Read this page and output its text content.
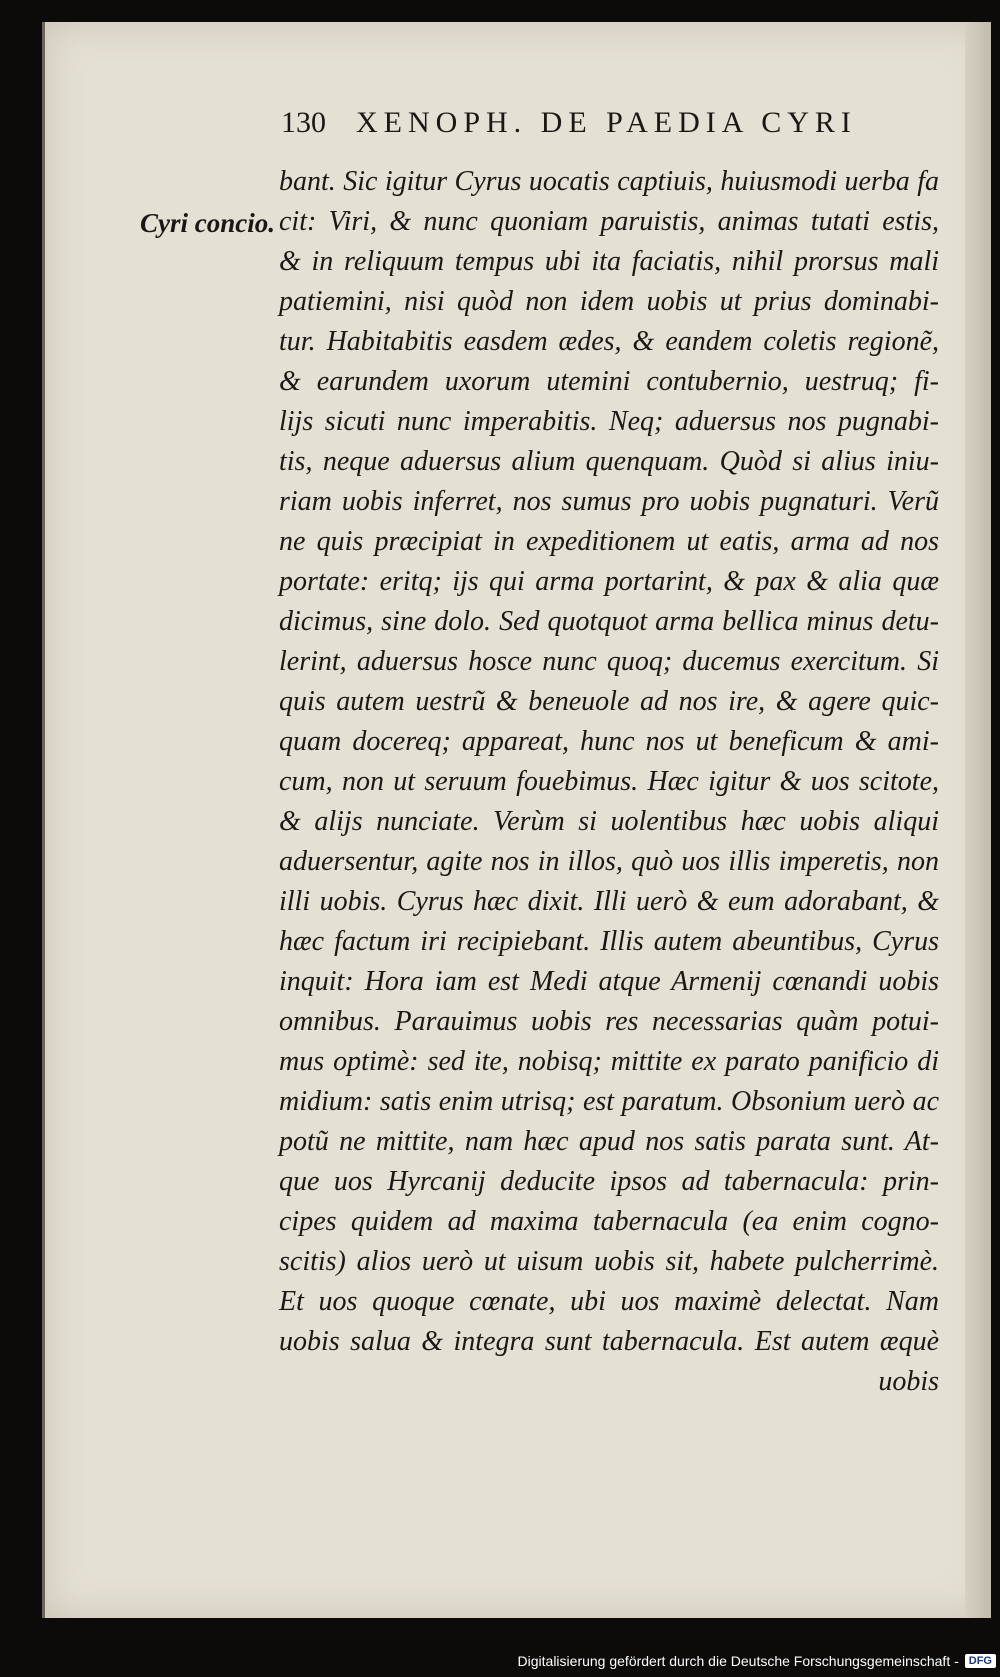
130 XENOPH. DE PAEDIA CYRI
Cyri concio.
bant. Sic igitur Cyrus uocatis captiuis, huiusmodi uerba fa
cit: Viri, & nunc quoniam paruistis, animas tutati estis,
& in reliquum tempus ubi ita faciatis, nihil prorsus mali
patiemini, nisi quòd non idem uobis ut prius dominabi-
tur. Habitabitis easdem ædes, & eandem coletis regionẽ,
& earundem uxorum utemini contubernio, uestruq; fi-
lijs sicuti nunc imperabitis. Neq; aduersus nos pugnabi-
tis, neque aduersus alium quenquam. Quòd si alius iniu-
riam uobis inferret, nos sumus pro uobis pugnaturi. Verũ
ne quis præcipiat in expeditionem ut eatis, arma ad nos
portate: eritq; ijs qui arma portarint, & pax & alia quæ
dicimus, sine dolo. Sed quotquot arma bellica minus detu-
lerint, aduersus hosce nunc quoq; ducemus exercitum. Si
quis autem uestrũ & beneuole ad nos ire, & agere quic-
quam docereq; appareat, hunc nos ut beneficum & ami-
cum, non ut seruum fouebimus. Hæc igitur & uos scitote,
& alijs nunciate. Verùm si uolentibus hæc uobis aliqui
aduersentur, agite nos in illos, quò uos illis imperetis, non
illi uobis. Cyrus hæc dixit. Illi uerò & eum adorabant, &
hæc factum iri recipiebant. Illis autem abeuntibus, Cyrus
inquit: Hora iam est Medi atque Armenij cœnandi uobis
omnibus. Parauimus uobis res necessarias quàm potui-
mus optimè: sed ite, nobisq; mittite ex parato panificio di
midium: satis enim utrisq; est paratum. Obsonium uerò ac
potũ ne mittite, nam hæc apud nos satis parata sunt. At-
que uos Hyrcanij deducite ipsos ad tabernacula: prin-
cipes quidem ad maxima tabernacula (ea enim cogno-
scitis) alios uerò ut uisum uobis sit, habete pulcherrimè.
Et uos quoque cœnate, ubi uos maximè delectat. Nam
uobis salua & integra sunt tabernacula. Est autem æquè
uobis
Digitalisierung gefördert durch die Deutsche Forschungsgemeinschaft - DFG
